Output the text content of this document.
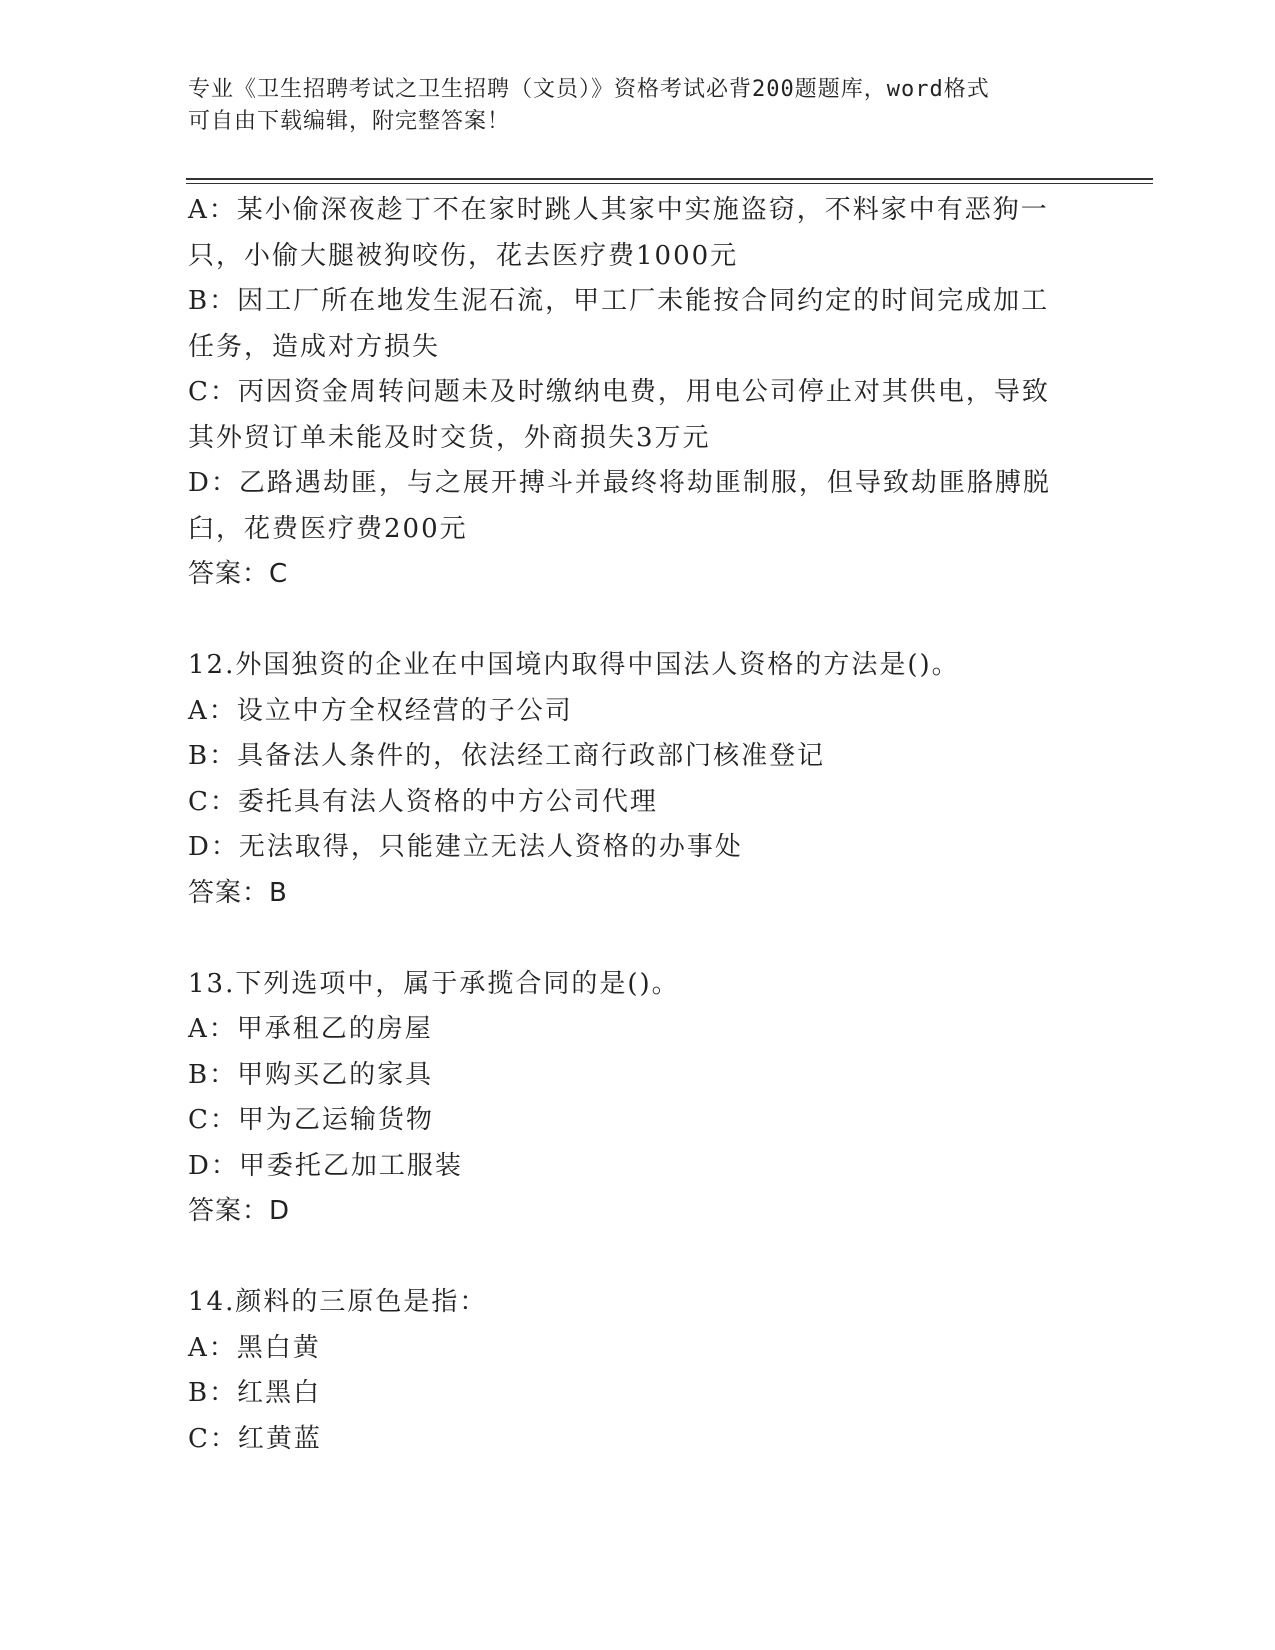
专业《卫生招聘考试之卫生招聘（文员）》资格考试必背200题题库，word格式
可自由下载编辑，附完整答案！
A：某小偷深夜趁丁不在家时跳人其家中实施盗窃，不料家中有恶狗一
只，小偷大腿被狗咬伤，花去医疗费1000元
B：因工厂所在地发生泥石流，甲工厂未能按合同约定的时间完成加工
任务，造成对方损失
C：丙因资金周转问题未及时缴纳电费，用电公司停止对其供电，导致
其外贸订单未能及时交货，外商损失3万元
D：乙路遇劫匪，与之展开搏斗并最终将劫匪制服，但导致劫匪胳膊脱
臼，花费医疗费200元
答案：C
12.外国独资的企业在中国境内取得中国法人资格的方法是()。
A：设立中方全权经营的子公司
B：具备法人条件的，依法经工商行政部门核准登记
C：委托具有法人资格的中方公司代理
D：无法取得，只能建立无法人资格的办事处
答案：B
13.下列选项中，属于承揽合同的是()。
A：甲承租乙的房屋
B：甲购买乙的家具
C：甲为乙运输货物
D：甲委托乙加工服装
答案：D
14.颜料的三原色是指：
A：黑白黄
B：红黑白
C：红黄蓝
